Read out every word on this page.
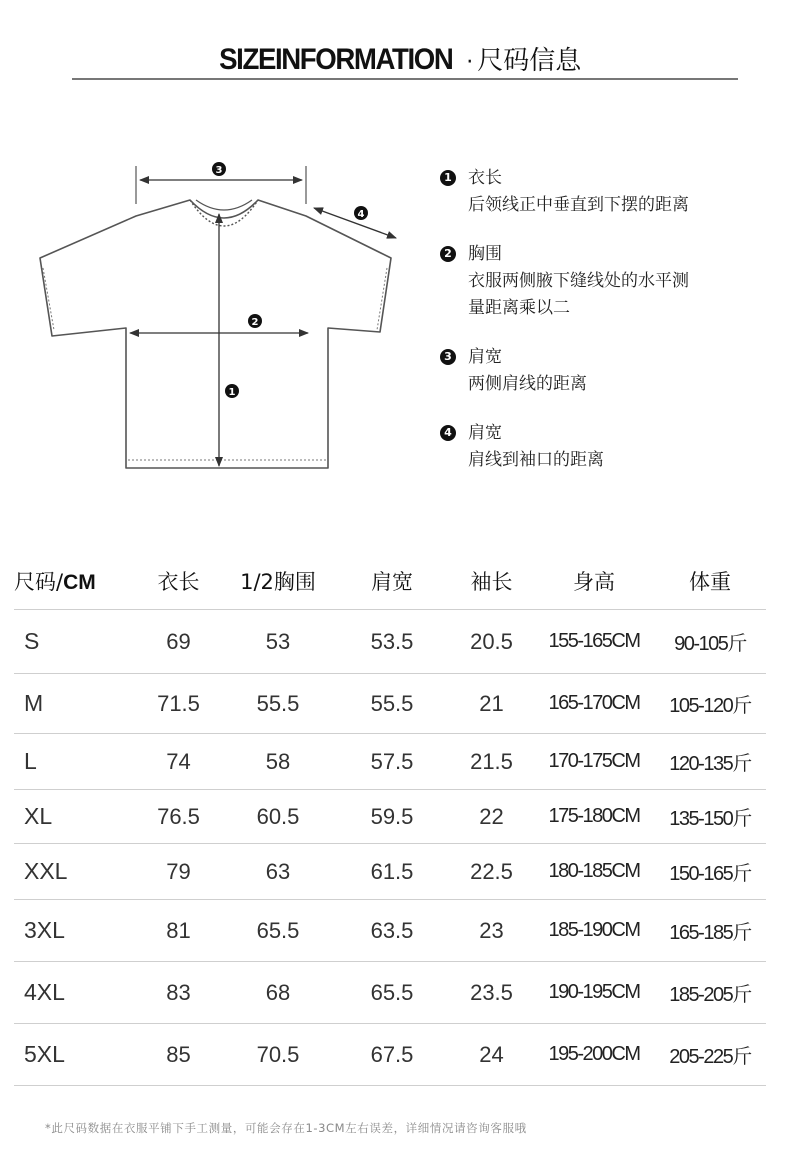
SIZEINFORMATION · 尺码信息
3
4
2
1
1 衣长
后领线正中垂直到下摆的距离
2 胸围
衣服两侧腋下缝线处的水平测
量距离乘以二
3 肩宽
两侧肩线的距离
4 肩宽
肩线到袖口的距离
尺码/CM	衣长	1/2胸围	肩宽	袖长	身高	体重
S	69	53	53.5	20.5	155-165CM	90-105斤
M	71.5	55.5	55.5	21	165-170CM	105-120斤
L	74	58	57.5	21.5	170-175CM	120-135斤
XL	76.5	60.5	59.5	22	175-180CM	135-150斤
XXL	79	63	61.5	22.5	180-185CM	150-165斤
3XL	81	65.5	63.5	23	185-190CM	165-185斤
4XL	83	68	65.5	23.5	190-195CM	185-205斤
5XL	85	70.5	67.5	24	195-200CM	205-225斤
*此尺码数据在衣服平铺下手工测量，可能会存在1-3CM左右误差，详细情况请咨询客服哦
